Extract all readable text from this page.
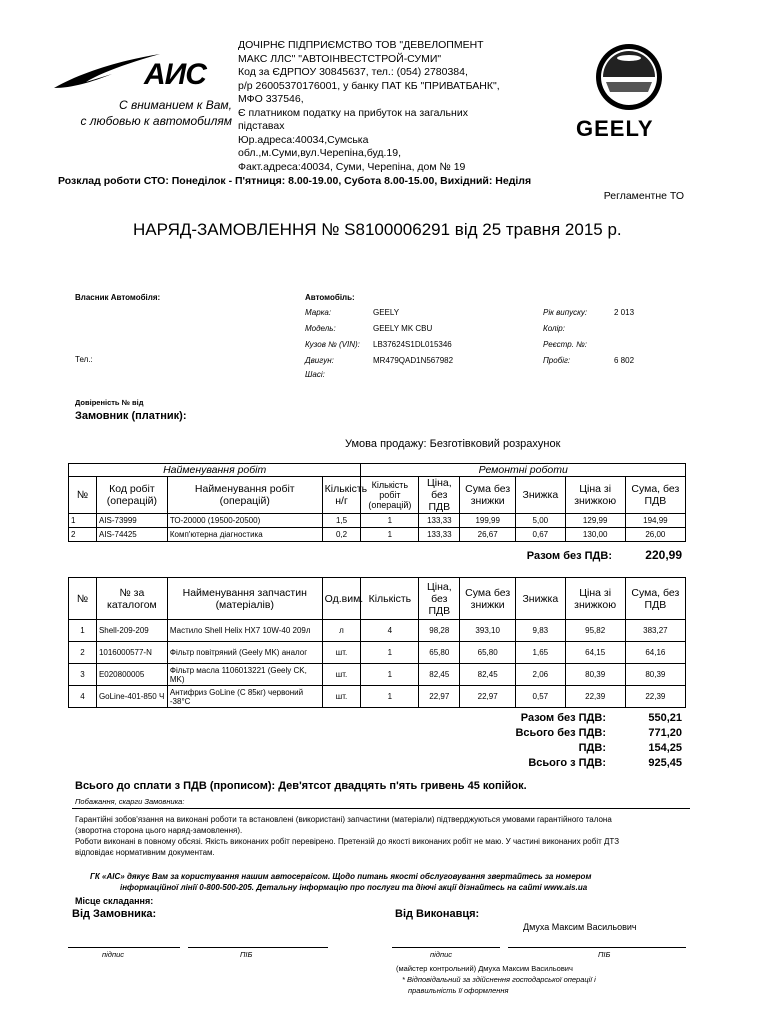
АИС
С вниманием к Вам,
с любовью к автомобилям	GEELY
ДОЧІРНЄ ПІДПРИЄМСТВО ТОВ "ДЕВЕЛОПМЕНТ
МАКС ЛЛС" "АВТОІНВЕСТСТРОЙ-СУМИ"
Код за ЄДРПОУ 30845637, тел.: (054) 2780384,
р/р 26005370176001, у банку ПАТ КБ "ПРИВАТБАНК",
МФО 337546,
Є платником податку на прибуток на загальних
підставах
Юр.адреса:40034,Сумська
обл.,м.Суми,вул.Черепіна,буд.19,
Факт.адреса:40034, Суми, Черепіна, дом № 19
Розклад роботи СТО: Понеділок - П'ятниця: 8.00-19.00, Субота 8.00-15.00, Вихідний: Неділя
Регламентне ТО
НАРЯД-ЗАМОВЛЕННЯ № S8100006291 від 25 травня 2015 р.
Власник Автомобіля:
Тел.:
Автомобіль:
Марка:	GEELY
Модель:	GEELY MK CBU
Кузов № (VIN): LB37624S1DL015346
Двигун:	MR479QAD1N567982
Шасі:
Рік випуску:	2 013
Колір:
Реєстр. №:
Пробіг:	6 802
Довіреність № від
Замовник (платник):
Умова продажу: Безготівковий розрахунок
Найменування робіт				Ремонтні роботи					
№	Код робіт (операцій)	Найменування робіт (операцій)	Кількість н/г	Кількість робіт (операцій)	Ціна, без ПДВ	Сума без знижки	Знижка	Ціна зі знижкою	Сума, без ПДВ
1	AIS-73999	ТО-20000 (19500-20500)	1,5	1	133,33	199,99	5,00	129,99	194,99
2	AIS-74425	Комп'ютерна діагностика	0,2	1	133,33	26,67	0,67	130,00	26,00
Разом без ПДВ:	220,99
№	№ за каталогом	Найменування запчастин (матеріалів)	Од.вим.	Кількість	Ціна, без ПДВ	Сума без знижки	Знижка	Ціна зі знижкою	Сума, без ПДВ
1	Shell-209-209	Мастило Shell Helix HX7 10W-40 209л	л	4	98,28	393,10	9,83	95,82	383,27
2	1016000577-N	Фільтр повітряний (Geely MK) аналог	шт.	1	65,80	65,80	1,65	64,15	64,16
3	E020800005	Фільтр масла 1106013221 (Geely CK, MK)	шт.	1	82,45	82,45	2,06	80,39	80,39
4	GoLine-401-850 Ч	Антифриз GoLine (С 85кг) червоний -38°С	шт.	1	22,97	22,97	0,57	22,39	22,39
Разом без ПДВ:	550,21
Всього без ПДВ:	771,20
ПДВ:	154,25
Всього з ПДВ:	925,45
Всього до сплати з ПДВ (прописом): Дев'ятсот двадцять п'ять гривень 45 копійок.
Побажання, скарги Замовника:
Гарантійні зобов'язання на виконані роботи та встановлені (використані) запчастини (матеріали) підтверджуються умовами гарантійного талона
(зворотна сторона цього наряд-замовлення).
Роботи виконані в повному обсязі. Якість виконаних робіт перевірено. Претензій до якості виконаних робіт не маю. У частині виконаних робіт ДТЗ
відповідає нормативним документам.
ГК «АІС» дякує Вам за користування нашим автосервісом. Щодо питань якості обслуговування звертайтесь за номером
інформаційної лінії 0-800-500-205. Детальну інформацію про послуги та діючі акції дізнайтесь на сайті www.ais.ua
Місце складання:
Від Замовника:	Від Виконавця:
Дмуха Максим Васильович
підпис	ПІБ	підпис	ПІБ
(майстер контрольний) Дмуха Максим Васильович
* Відповідальний за здійснення господарської операції і
правильність її оформлення
